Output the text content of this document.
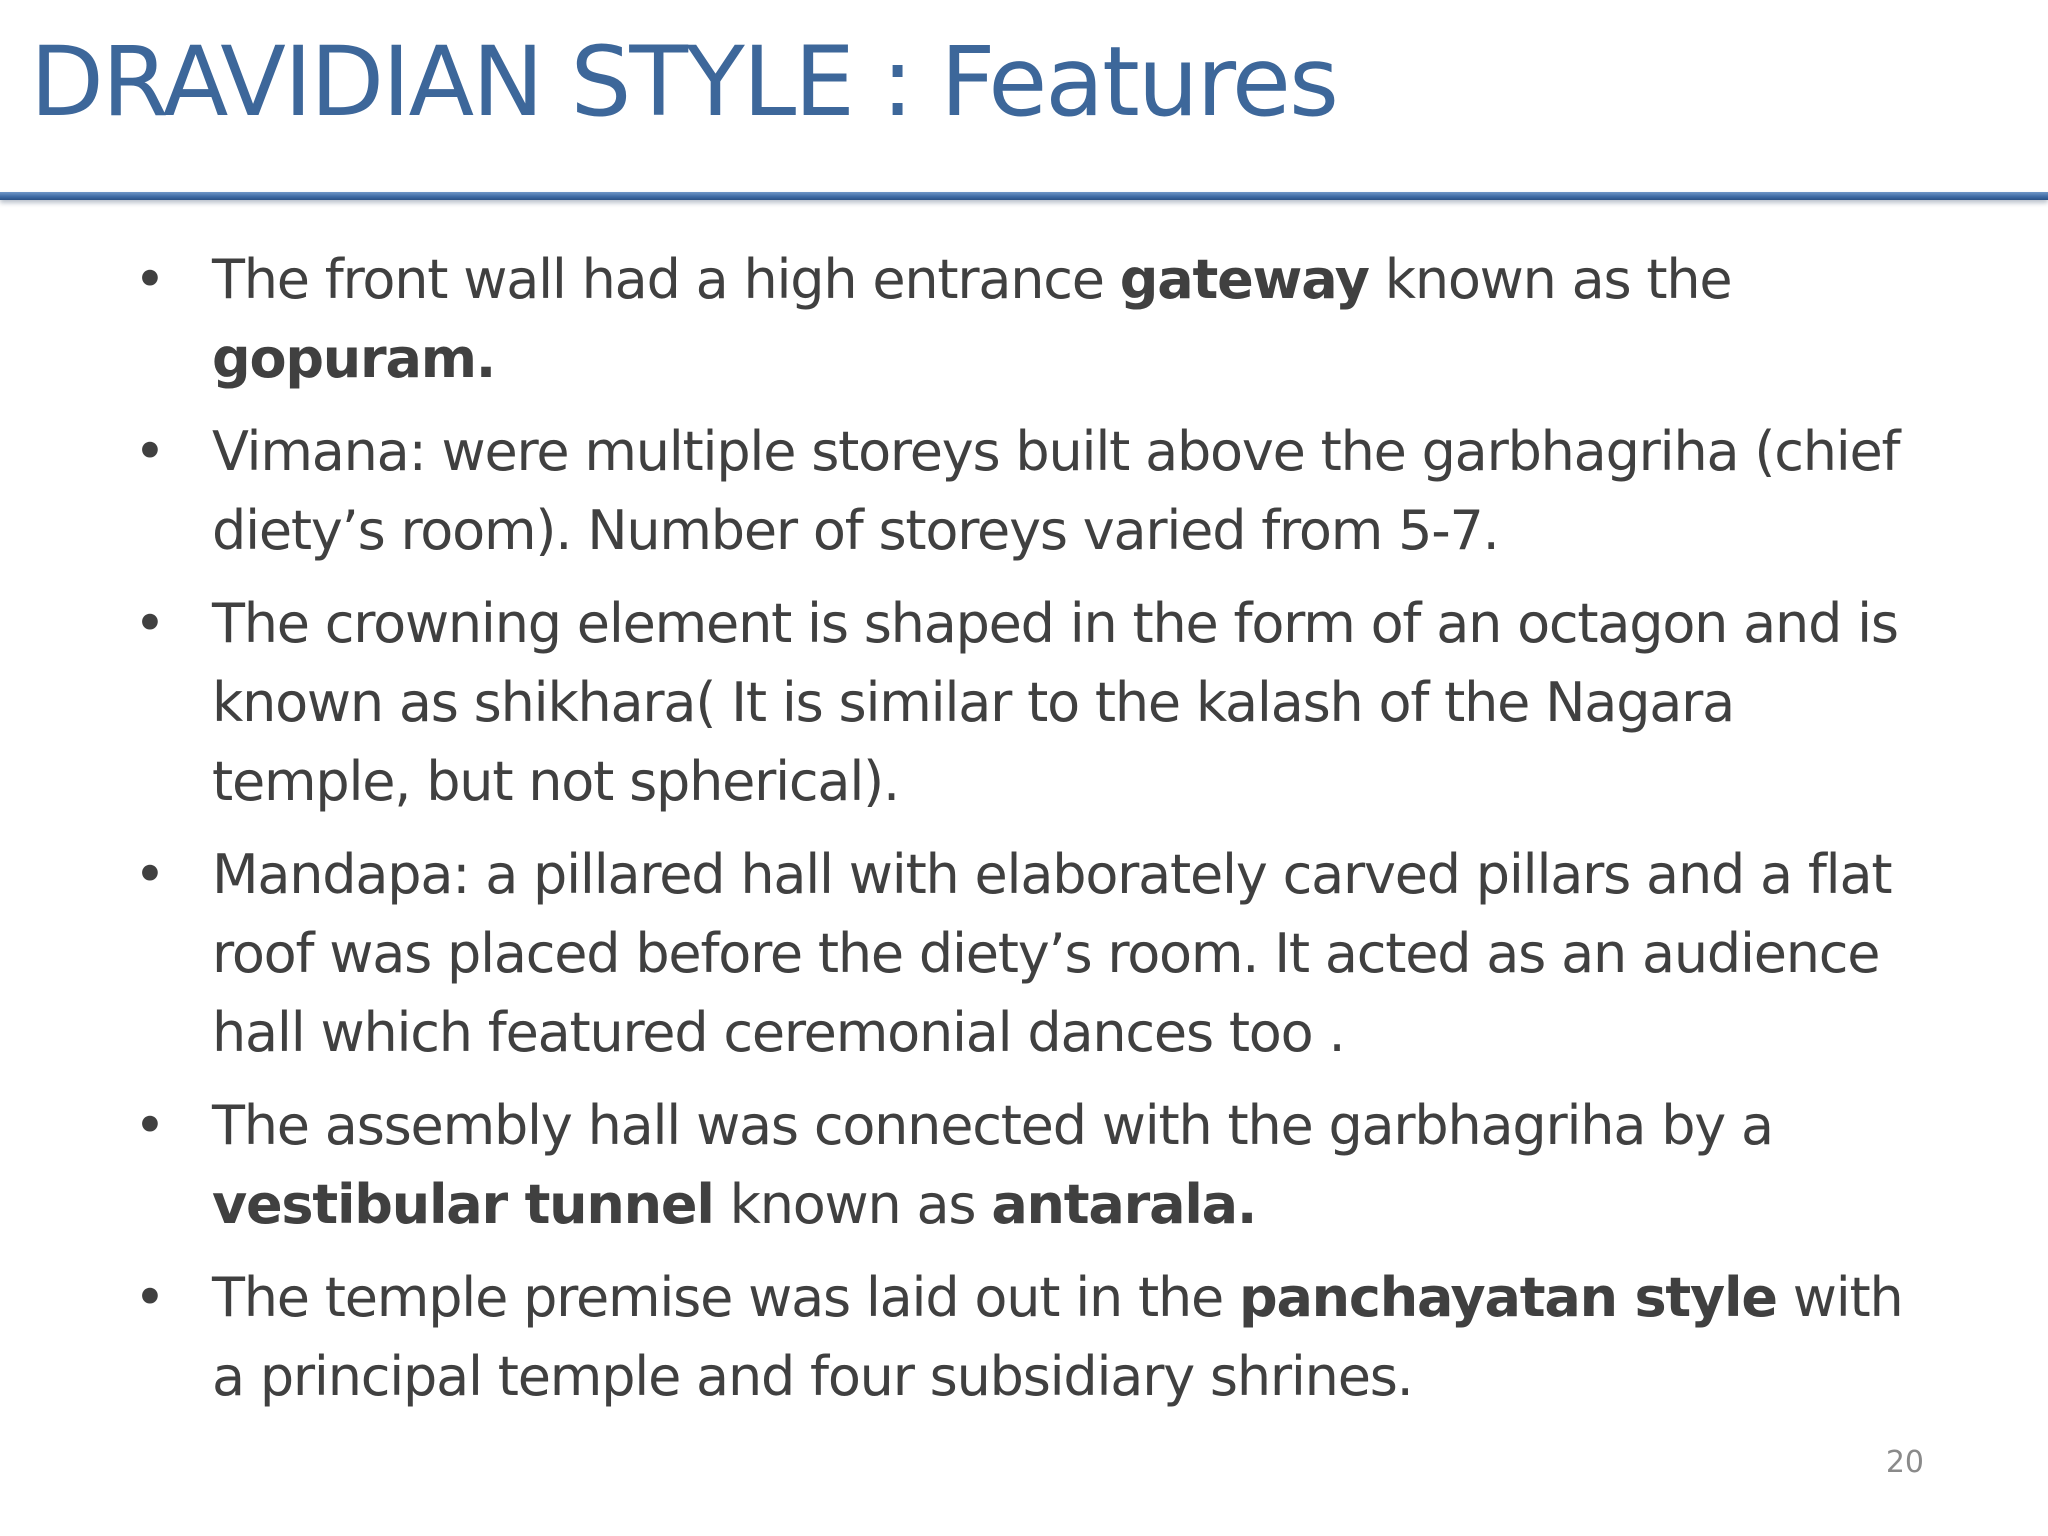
DRAVIDIAN STYLE : Features
• The front wall had a high entrance gateway known as the gopuram.
• Vimana: were multiple storeys built above the garbhagriha (chief diety’s room). Number of storeys varied from 5-7.
• The crowning element is shaped in the form of an octagon and is known as shikhara( It is similar to the kalash of the Nagara temple, but not spherical).
• Mandapa: a pillared hall with elaborately carved pillars and a flat roof was placed before the diety’s room. It acted as an audience hall which featured ceremonial dances too .
• The assembly hall was connected with the garbhagriha by a vestibular tunnel known as antarala.
• The temple premise was laid out in the panchayatan style with a principal temple and four subsidiary shrines.
20
